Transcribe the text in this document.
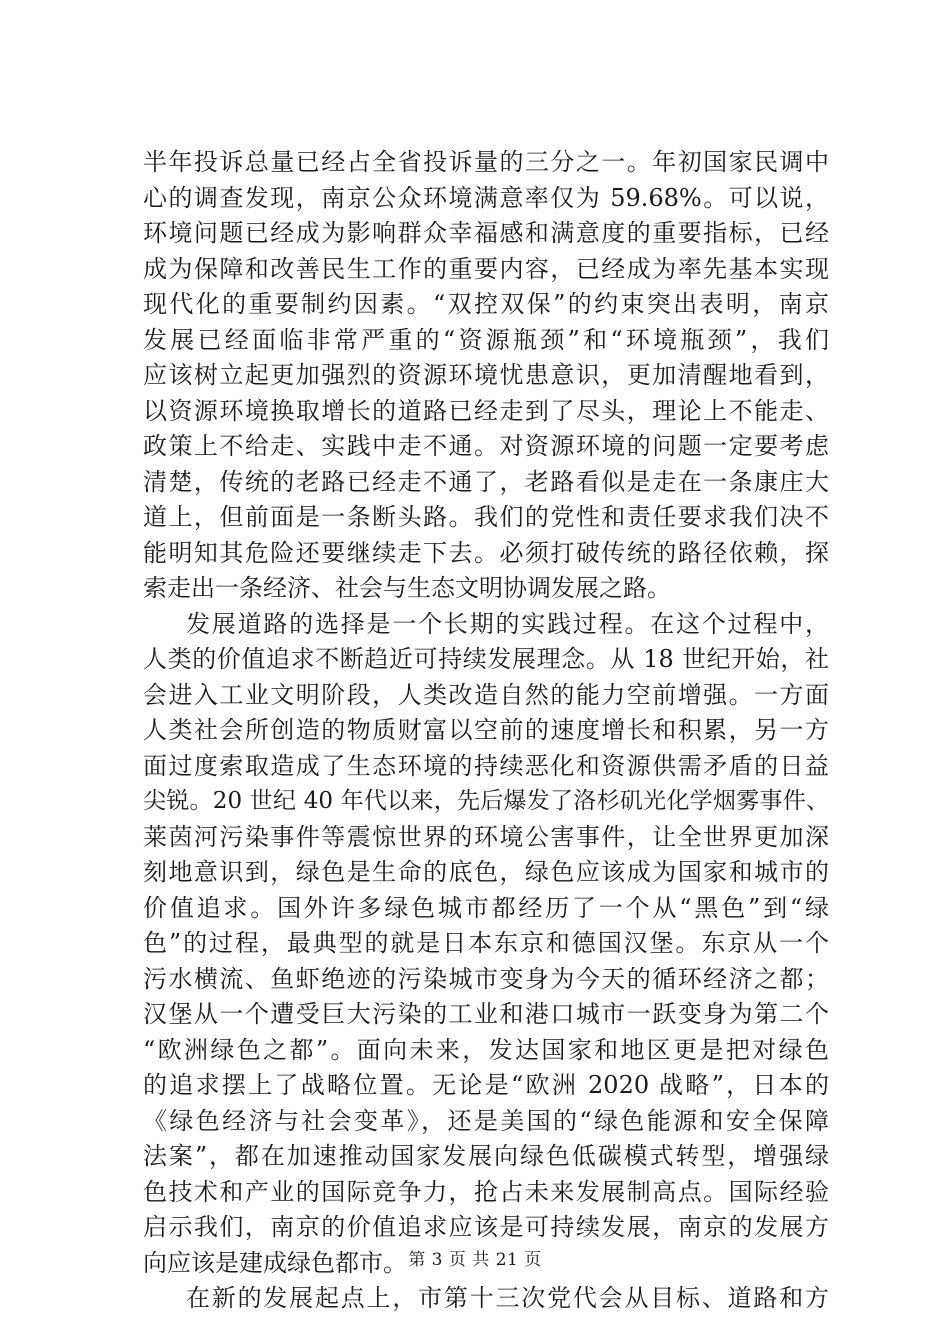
半年投诉总量已经占全省投诉量的三分之一。年初国家民调中
心的调查发现，南京公众环境满意率仅为 59.68%。可以说，
环境问题已经成为影响群众幸福感和满意度的重要指标，已经
成为保障和改善民生工作的重要内容，已经成为率先基本实现
现代化的重要制约因素。“双控双保”的约束突出表明，南京
发展已经面临非常严重的“资源瓶颈”和“环境瓶颈”，我们
应该树立起更加强烈的资源环境忧患意识，更加清醒地看到，
以资源环境换取增长的道路已经走到了尽头，理论上不能走、
政策上不给走、实践中走不通。对资源环境的问题一定要考虑
清楚，传统的老路已经走不通了，老路看似是走在一条康庄大
道上，但前面是一条断头路。我们的党性和责任要求我们决不
能明知其危险还要继续走下去。必须打破传统的路径依赖，探
索走出一条经济、社会与生态文明协调发展之路。
发展道路的选择是一个长期的实践过程。在这个过程中，
人类的价值追求不断趋近可持续发展理念。从 18 世纪开始，社
会进入工业文明阶段，人类改造自然的能力空前增强。一方面
人类社会所创造的物质财富以空前的速度增长和积累，另一方
面过度索取造成了生态环境的持续恶化和资源供需矛盾的日益
尖锐。20 世纪 40 年代以来，先后爆发了洛杉矶光化学烟雾事件、
莱茵河污染事件等震惊世界的环境公害事件，让全世界更加深
刻地意识到，绿色是生命的底色，绿色应该成为国家和城市的
价值追求。国外许多绿色城市都经历了一个从“黑色”到“绿
色”的过程，最典型的就是日本东京和德国汉堡。东京从一个
污水横流、鱼虾绝迹的污染城市变身为今天的循环经济之都；
汉堡从一个遭受巨大污染的工业和港口城市一跃变身为第二个
“欧洲绿色之都”。面向未来，发达国家和地区更是把对绿色
的追求摆上了战略位置。无论是“欧洲 2020 战略”，日本的
《绿色经济与社会变革》，还是美国的“绿色能源和安全保障
法案”，都在加速推动国家发展向绿色低碳模式转型，增强绿
色技术和产业的国际竞争力，抢占未来发展制高点。国际经验
启示我们，南京的价值追求应该是可持续发展，南京的发展方
向应该是建成绿色都市。
在新的发展起点上，市第十三次党代会从目标、道路和方
第 3 页 共 21 页
